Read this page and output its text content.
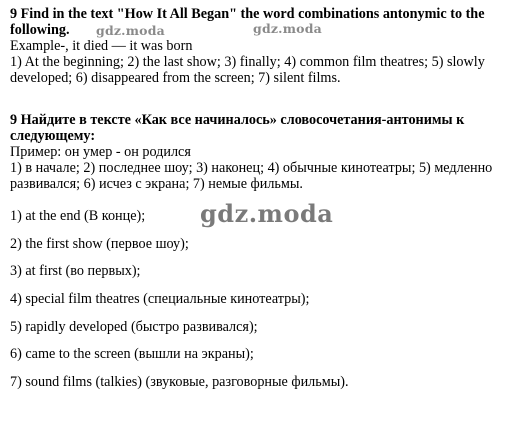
9 Find in the text "How It All Began" the word combinations antonymic to the following.
Example-, it died — it was born
1) At the beginning; 2) the last show; 3) finally; 4) common film theatres; 5) slowly developed; 6) disappeared from the screen; 7) silent films.
9 Найдите в тексте «Как все начиналось» словосочетания-антонимы к следующему:
Пример: он умер - он родился
1) в начале; 2) последнее шоу; 3) наконец; 4) обычные кинотеатры; 5) медленно развивался; 6) исчез с экрана; 7) немые фильмы.
1) at the end (В конце);
2) the first show (первое шоу);
3) at first (во первых);
4) special film theatres (специальные кинотеатры);
5) rapidly developed (быстро развивался);
6) came to the screen (вышли на экраны);
7) sound films (talkies) (звуковые, разговорные фильмы).
gdz.moda	gdz.moda
gdz.moda
